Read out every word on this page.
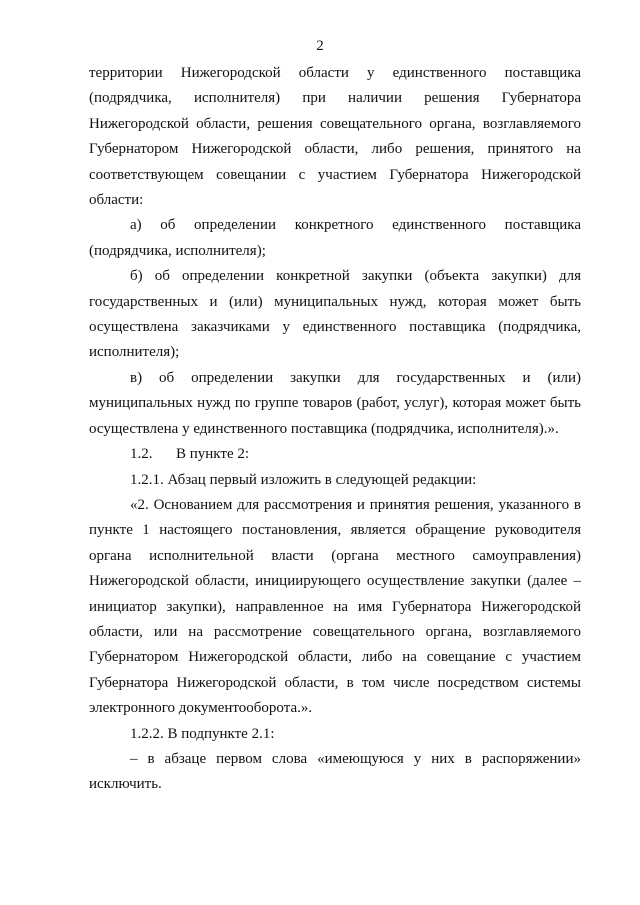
2

территории Нижегородской области у единственного поставщика (подрядчика, исполнителя) при наличии решения Губернатора Нижегородской области, решения совещательного органа, возглавляемого Губернатором Нижегородской области, либо решения, принятого на соответствующем совещании с участием Губернатора Нижегородской области:

а) об определении конкретного единственного поставщика (подрядчика, исполнителя);

б) об определении конкретной закупки (объекта закупки) для государственных и (или) муниципальных нужд, которая может быть осуществлена заказчиками у единственного поставщика (подрядчика, исполнителя);

в) об определении закупки для государственных и (или) муниципальных нужд по группе товаров (работ, услуг), которая может быть осуществлена у единственного поставщика (подрядчика, исполнителя).».

1.2. В пункте 2:

1.2.1. Абзац первый изложить в следующей редакции:

«2. Основанием для рассмотрения и принятия решения, указанного в пункте 1 настоящего постановления, является обращение руководителя органа исполнительной власти (органа местного самоуправления) Нижегородской области, инициирующего осуществление закупки (далее – инициатор закупки), направленное на имя Губернатора Нижегородской области, или на рассмотрение совещательного органа, возглавляемого Губернатором Нижегородской области, либо на совещание с участием Губернатора Нижегородской области, в том числе посредством системы электронного документооборота.».

1.2.2. В подпункте 2.1:

– в абзаце первом слова «имеющуюся у них в распоряжении» исключить.
